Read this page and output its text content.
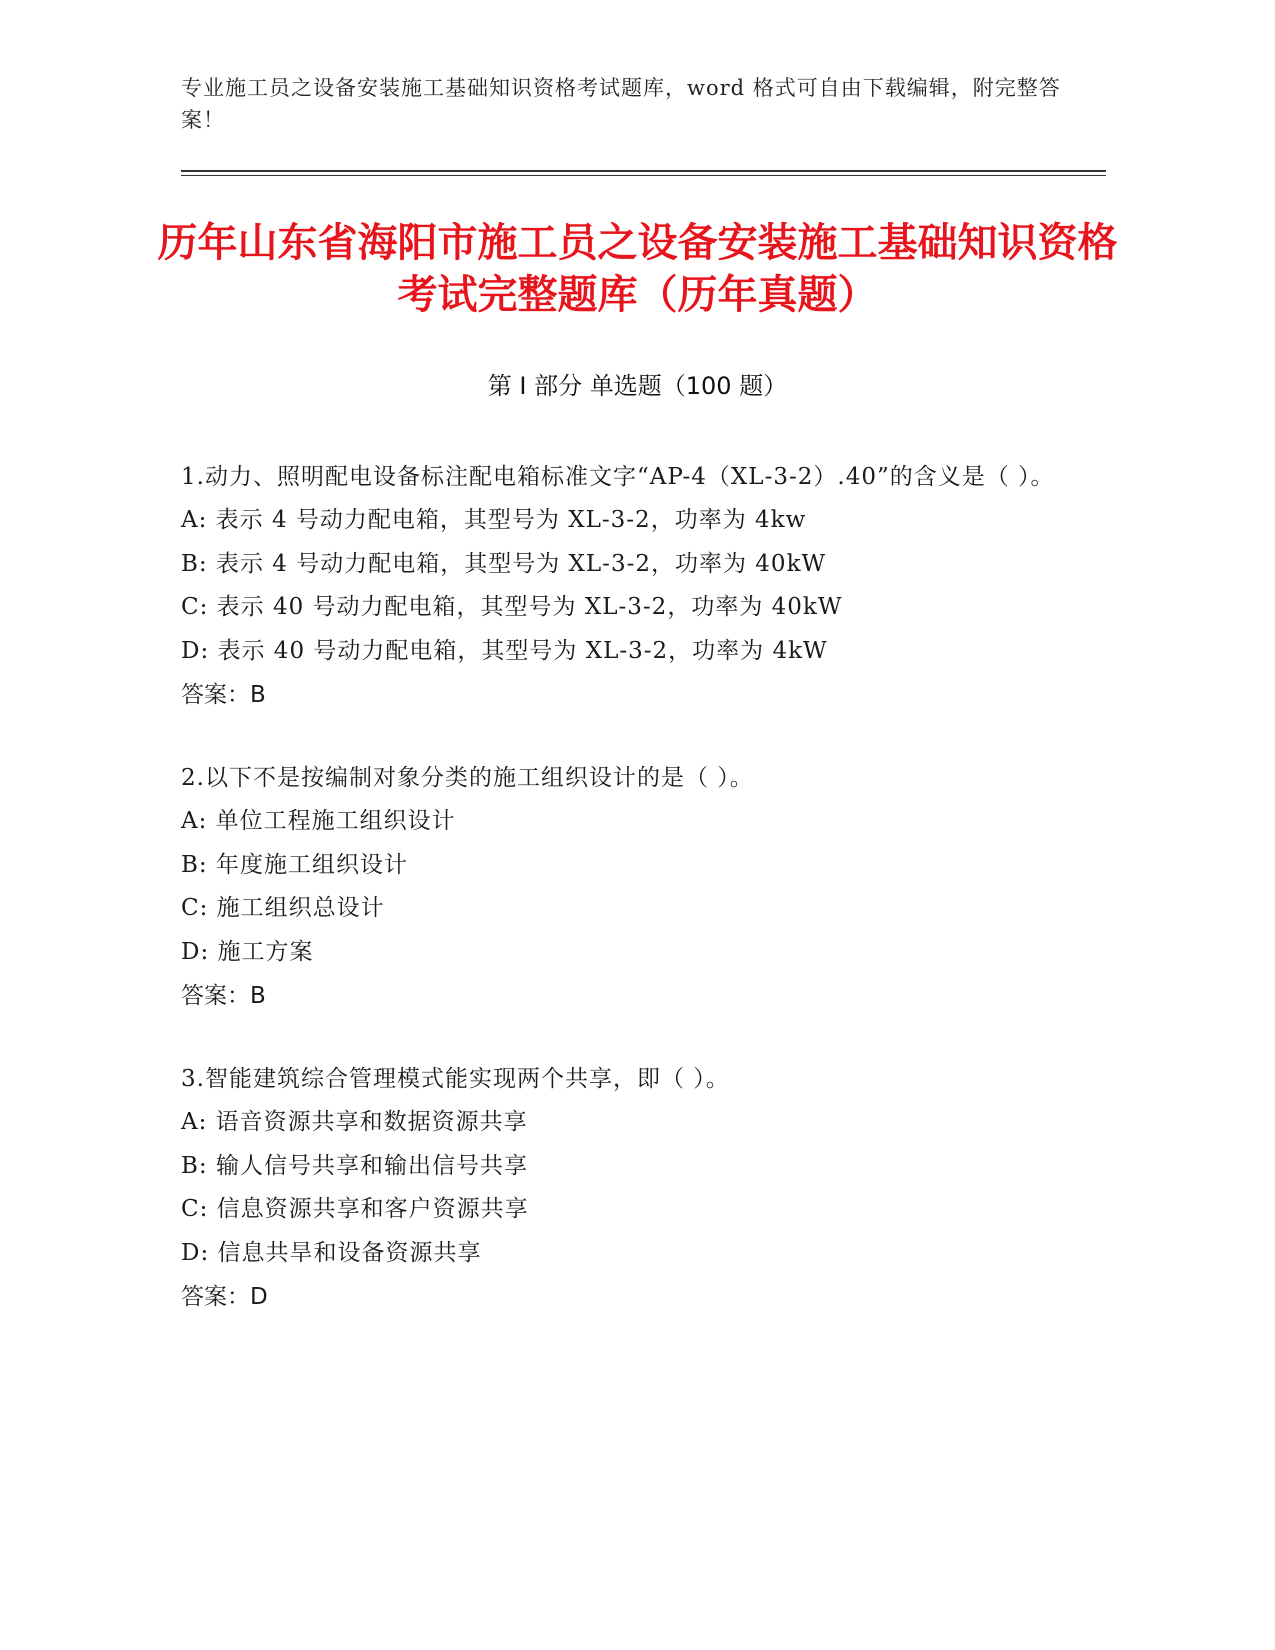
专业施工员之设备安装施工基础知识资格考试题库，word 格式可自由下载编辑，附完整答案！
历年山东省海阳市施工员之设备安装施工基础知识资格考试完整题库（历年真题）
第 I 部分 单选题（100 题）
1.动力、照明配电设备标注配电箱标准文字“AP-4（XL-3-2）.40”的含义是（ ）。
A: 表示 4 号动力配电箱，其型号为 XL-3-2，功率为 4kw
B: 表示 4 号动力配电箱，其型号为 XL-3-2，功率为 40kW
C: 表示 40 号动力配电箱，其型号为 XL-3-2，功率为 40kW
D: 表示 40 号动力配电箱，其型号为 XL-3-2，功率为 4kW
答案：B
2.以下不是按编制对象分类的施工组织设计的是（ ）。
A: 单位工程施工组织设计
B: 年度施工组织设计
C: 施工组织总设计
D: 施工方案
答案：B
3.智能建筑综合管理模式能实现两个共享，即（ ）。
A: 语音资源共享和数据资源共享
B: 输人信号共享和输出信号共享
C: 信息资源共享和客户资源共享
D: 信息共旱和设备资源共享
答案：D
